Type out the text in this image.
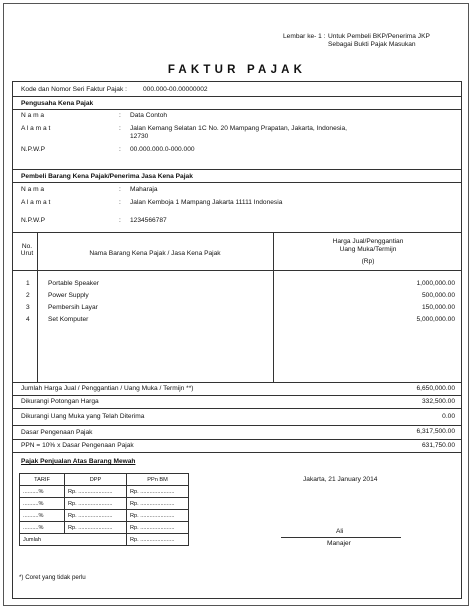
Lembar ke- 1 : Untuk Pembeli BKP/Penerima JKP
Sebagai Bukti Pajak Masukan
FAKTUR PAJAK
Kode dan Nomor Seri Faktur Pajak : 000.000-00.00000002
Pengusaha Kena Pajak
N a m a	: Data Contoh
A l a m a t	: Jalan Kemang Selatan 1C No. 20 Mampang Prapatan, Jakarta, Indonesia,
12730
N.P.W.P	: 00.000.000.0-000.000
Pembeli Barang Kena Pajak/Penerima Jasa Kena Pajak
N a m a	: Maharaja
A l a m a t	: Jalan Kemboja 1 Mampang Jakarta 11111 Indonesia
N.P.W.P	: 1234566787
No.
Urut	Nama Barang Kena Pajak / Jasa Kena Pajak
Harga Jual/Penggantian
Uang Muka/Termijn
(Rp)
1	Portable Speaker	1,000,000.00
2	Power Supply	500,000.00
3	Pembersih Layar	150,000.00
4	Set Komputer	5,000,000.00
Jumlah Harga Jual / Penggantian / Uang Muka / Termijn **)	6,650,000.00
Dikurangi Potongan Harga	332,500.00
Dikurangi Uang Muka yang Telah Diterima	0.00
Dasar Pengenaan Pajak	6,317,500.00
PPN = 10% x Dasar Pengenaan Pajak	631,750.00
Pajak Penjualan Atas Barang Mewah
TARIF	DPP	PPn BM
..........%	Rp. ......................	Rp. ......................
..........%	Rp. ......................	Rp. ......................
..........%	Rp. ......................	Rp. ......................
..........%	Rp. ......................	Rp. ......................
Jumlah		Rp. ......................
Jakarta, 21 January 2014
Ali
Manajer
*) Coret yang tidak perlu
